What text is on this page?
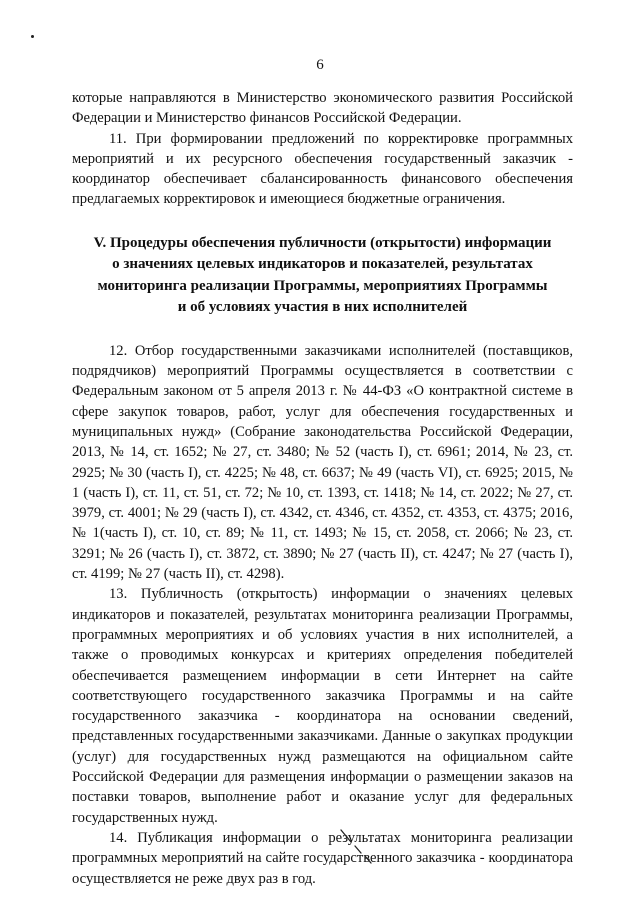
6

которые направляются в Министерство экономического развития Российской Федерации и Министерство финансов Российской Федерации.

11. При формировании предложений по корректировке программных мероприятий и их ресурсного обеспечения государственный заказчик - координатор обеспечивает сбалансированность финансового обеспечения предлагаемых корректировок и имеющиеся бюджетные ограничения.

V. Процедуры обеспечения публичности (открытости) информации
о значениях целевых индикаторов и показателей, результатах
мониторинга реализации Программы, мероприятиях Программы
и об условиях участия в них исполнителей

12. Отбор государственными заказчиками исполнителей (поставщиков, подрядчиков) мероприятий Программы осуществляется в соответствии с Федеральным законом от 5 апреля 2013 г. № 44-ФЗ «О контрактной системе в сфере закупок товаров, работ, услуг для обеспечения государственных и муниципальных нужд» (Собрание законодательства Российской Федерации, 2013, № 14, ст. 1652; № 27, ст. 3480; № 52 (часть I), ст. 6961; 2014, № 23, ст. 2925; № 30 (часть I), ст. 4225; № 48, ст. 6637; № 49 (часть VI), ст. 6925; 2015, № 1 (часть I), ст. 11, ст. 51, ст. 72; № 10, ст. 1393, ст. 1418; № 14, ст. 2022; № 27, ст. 3979, ст. 4001; № 29 (часть I), ст. 4342, ст. 4346, ст. 4352, ст. 4353, ст. 4375; 2016, № 1(часть I), ст. 10, ст. 89; № 11, ст. 1493; № 15, ст. 2058, ст. 2066; № 23, ст. 3291; № 26 (часть I), ст. 3872, ст. 3890; № 27 (часть II), ст. 4247; № 27 (часть I), ст. 4199; № 27 (часть II), ст. 4298).

13. Публичность (открытость) информации о значениях целевых индикаторов и показателей, результатах мониторинга реализации Программы, программных мероприятиях и об условиях участия в них исполнителей, а также о проводимых конкурсах и критериях определения победителей обеспечивается размещением информации в сети Интернет на сайте соответствующего государственного заказчика Программы и на сайте государственного заказчика - координатора на основании сведений, представленных государственными заказчиками. Данные о закупках продукции (услуг) для государственных нужд размещаются на официальном сайте Российской Федерации для размещения информации о размещении заказов на поставки товаров, выполнение работ и оказание услуг для федеральных государственных нужд.

14. Публикация информации о результатах мониторинга реализации программных мероприятий на сайте государственного заказчика - координатора осуществляется не реже двух раз в год.
